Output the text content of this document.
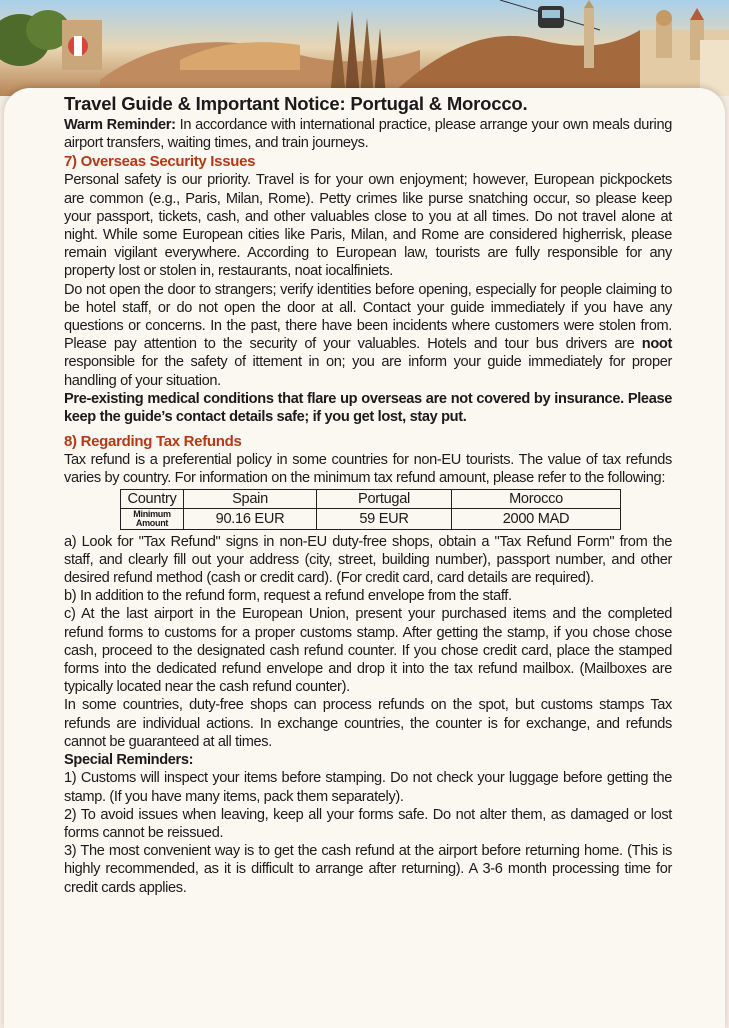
Travel Guide & Important Notice: Portugal & Morocco.

Warm Reminder: In accordance with international practice, please arrange your own meals during airport transfers, waiting times, and train journeys.

7) Overseas Security Issues

Personal safety is our priority. Travel is for your own enjoyment; however, European pickpockets are common (e.g., Paris, Milan, Rome). Petty crimes like purse snatching occur, so please keep your passport, tickets, cash, and other valuables close to you at all times. Do not travel alone at night. While some European cities like Paris, Milan, and Rome are considered higherrisk, please remain vigilant everywhere. According to European law, tourists are fully responsible for any property lost or stolen in, restaurants, noat iocalfiniets.

Do not open the door to strangers; verify identities before opening, especially for people claiming to be hotel staff, or do not open the door at all. Contact your guide immediately if you have any questions or concerns. In the past, there have been incidents where customers were stolen from. Please pay attention to the security of your valuables. Hotels and tour bus drivers are noot responsible for the safety of ittement in on; you are inform your guide immediately for proper handling of your situation.

Pre-existing medical conditions that flare up overseas are not covered by insurance. Please keep the guide’s contact details safe; if you get lost, stay put.

8) Regarding Tax Refunds

Tax refund is a preferential policy in some countries for non-EU tourists. The value of tax refunds varies by country. For information on the minimum tax refund amount, please refer to the following:

Country	Spain	Portugal	Morocco
Minimum
Amount	90.16 EUR	59 EUR	2000 MAD

a) Look for "Tax Refund" signs in non-EU duty-free shops, obtain a "Tax Refund Form" from the staff, and clearly fill out your address (city, street, building number), passport number, and other desired refund method (cash or credit card). (For credit card, card details are required).

b) In addition to the refund form, request a refund envelope from the staff.

c) At the last airport in the European Union, present your purchased items and the completed refund forms to customs for a proper customs stamp. After getting the stamp, if you chose chose cash, proceed to the designated cash refund counter. If you chose credit card, place the stamped forms into the dedicated refund envelope and drop it into the tax refund mailbox. (Mailboxes are typically located near the cash refund counter).

In some countries, duty-free shops can process refunds on the spot, but customs stamps Tax refunds are individual actions. In exchange countries, the counter is for exchange, and refunds cannot be guaranteed at all times.

Special Reminders:

1) Customs will inspect your items before stamping. Do not check your luggage before getting the stamp. (If you have many items, pack them separately).

2) To avoid issues when leaving, keep all your forms safe. Do not alter them, as damaged or lost forms cannot be reissued.

3) The most convenient way is to get the cash refund at the airport before returning home. (This is highly recommended, as it is difficult to arrange after returning). A 3-6 month processing time for credit cards applies.
